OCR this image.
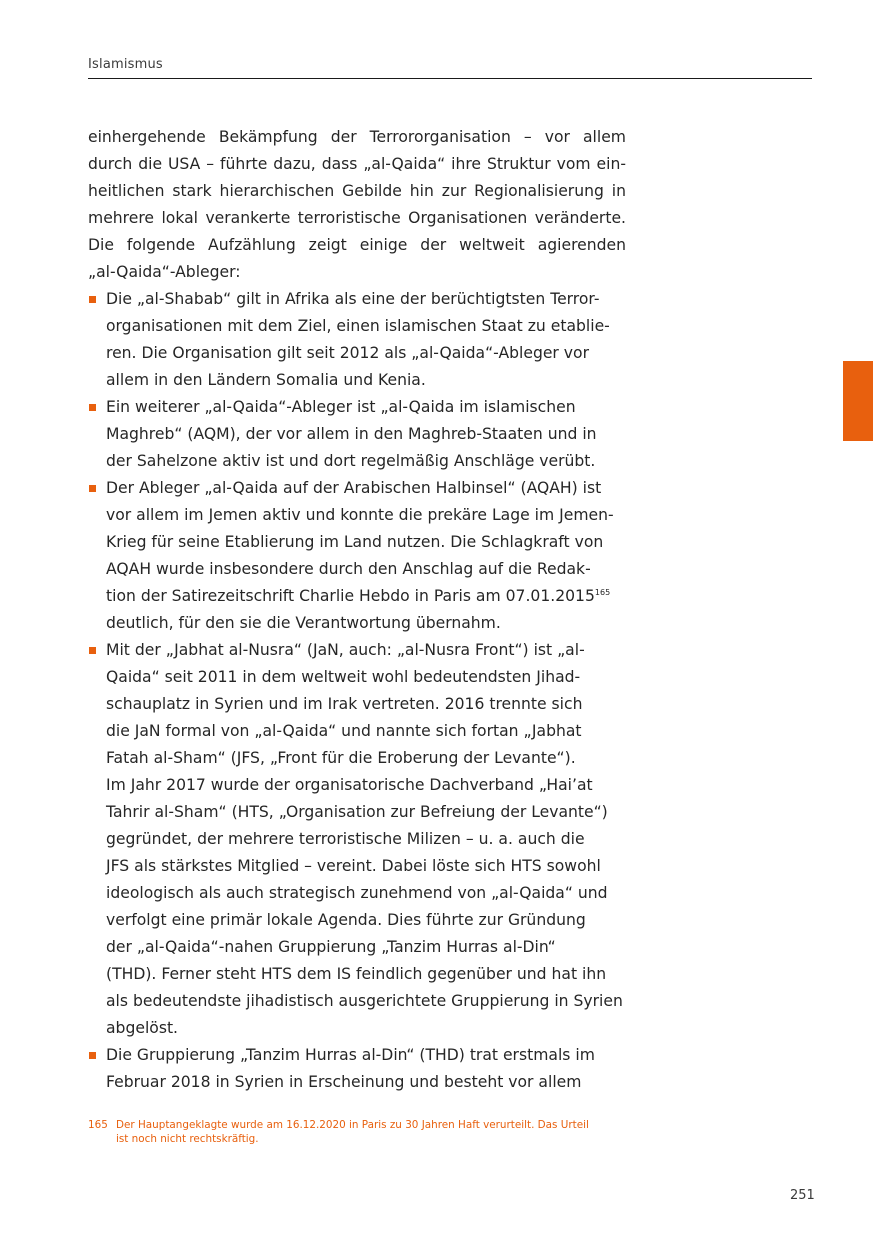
Islamismus
einhergehende Bekämpfung der Terrororganisation – vor allem
durch die USA – führte dazu, dass „al-Qaida“ ihre Struktur vom ein-
heitlichen stark hierarchischen Gebilde hin zur Regionalisierung in
mehrere lokal verankerte terroristische Organisationen veränderte.
Die folgende Aufzählung zeigt einige der weltweit agierenden
„al-Qaida“-Ableger:
Die „al-Shabab“ gilt in Afrika als eine der berüchtigtsten Terror-
organisationen mit dem Ziel, einen islamischen Staat zu etablie-
ren. Die Organisation gilt seit 2012 als „al-Qaida“-Ableger vor
allem in den Ländern Somalia und Kenia.
Ein weiterer „al-Qaida“-Ableger ist „al-Qaida im islamischen
Maghreb“ (AQM), der vor allem in den Maghreb-Staaten und in
der Sahelzone aktiv ist und dort regelmäßig Anschläge verübt.
Der Ableger „al-Qaida auf der Arabischen Halbinsel“ (AQAH) ist
vor allem im Jemen aktiv und konnte die prekäre Lage im Jemen-
Krieg für seine Etablierung im Land nutzen. Die Schlagkraft von
AQAH wurde insbesondere durch den Anschlag auf die Redak-
tion der Satirezeitschrift Charlie Hebdo in Paris am 07.01.2015$^{165}$
deutlich, für den sie die Verantwortung übernahm.
Mit der „Jabhat al-Nusra“ (JaN, auch: „al-Nusra Front“) ist „al-
Qaida“ seit 2011 in dem weltweit wohl bedeutendsten Jihad-
schauplatz in Syrien und im Irak vertreten. 2016 trennte sich
die JaN formal von „al-Qaida“ und nannte sich fortan „Jabhat
Fatah al-Sham“ (JFS, „Front für die Eroberung der Levante“).
Im Jahr 2017 wurde der organisatorische Dachverband „Hai’at
Tahrir al-Sham“ (HTS, „Organisation zur Befreiung der Levante“)
gegründet, der mehrere terroristische Milizen – u. a. auch die
JFS als stärkstes Mitglied – vereint. Dabei löste sich HTS sowohl
ideologisch als auch strategisch zunehmend von „al-Qaida“ und
verfolgt eine primär lokale Agenda. Dies führte zur Gründung
der „al-Qaida“-nahen Gruppierung „Tanzim Hurras al-Din“
(THD). Ferner steht HTS dem IS feindlich gegenüber und hat ihn
als bedeutendste jihadistisch ausgerichtete Gruppierung in Syrien
abgelöst.
Die Gruppierung „Tanzim Hurras al-Din“ (THD) trat erstmals im
Februar 2018 in Syrien in Erscheinung und besteht vor allem
165 Der Hauptangeklagte wurde am 16.12.2020 in Paris zu 30 Jahren Haft verurteilt. Das Urteil
ist noch nicht rechtskräftig.
251
